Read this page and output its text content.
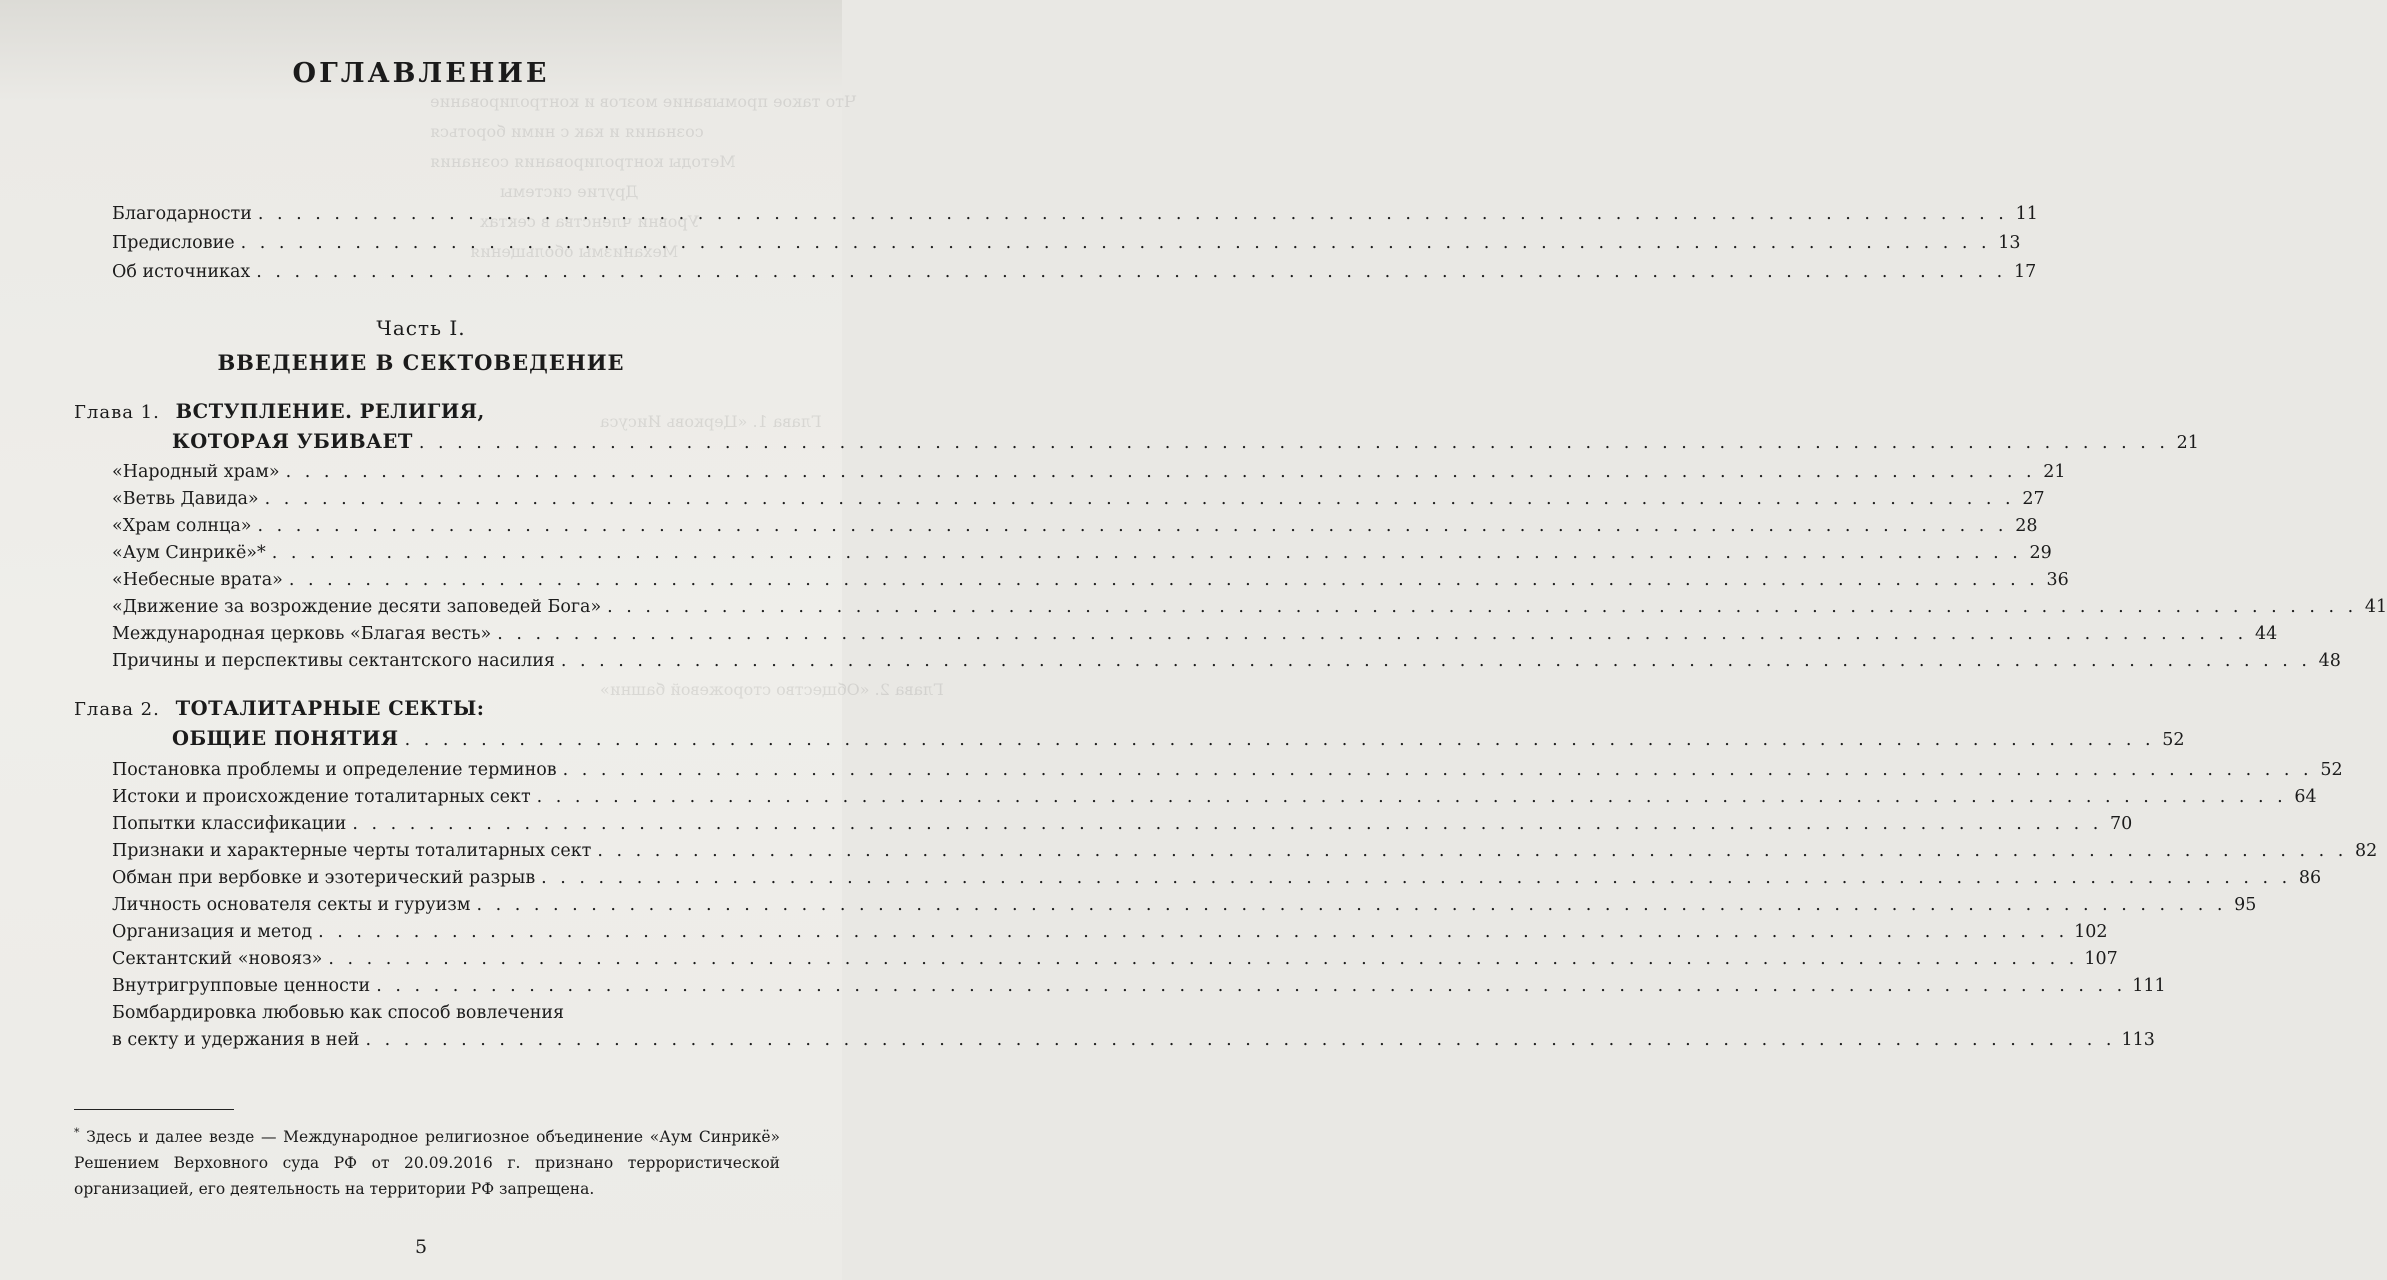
Что такое промывание мозгов и контролирование
сознания и как с ними бороться
Методы контролирования сознания
Другие системы
Уровни членства в сектах
Механизмы обольщения
Глава 1. «Церковь Иисуса
Глава 2. «Общество сторожевой башни»
ОГЛАВЛЕНИЕ
Благодарности . . .	11
Предисловие . . .	13
Об источниках . . .	17
Часть I.
ВВЕДЕНИЕ В СЕКТОВЕДЕНИЕ
Глава 1. ВСТУПЛЕНИЕ. РЕЛИГИЯ,
КОТОРАЯ УБИВАЕТ . . .	21
«Народный храм» . . .	21
«Ветвь Давида» . . .	27
«Храм солнца» . . .	28
«Аум Синрикё»* . . .	29
«Небесные врата» . . .	36
«Движение за возрождение десяти заповедей Бога» . . .	41
Международная церковь «Благая весть» . . .	44
Причины и перспективы сектантского насилия . . .	48
Глава 2. ТОТАЛИТАРНЫЕ СЕКТЫ:
ОБЩИЕ ПОНЯТИЯ . . .	52
Постановка проблемы и определение терминов . . .	52
Истоки и происхождение тоталитарных сект . . .	64
Попытки классификации . . .	70
Признаки и характерные черты тоталитарных сект . . .	82
Обман при вербовке и эзотерический разрыв . . .	86
Личность основателя секты и гуруизм . . .	95
Организация и метод . . .	102
Сектантский «новояз» . . .	107
Внутригрупповые ценности . . .	111
Бомбардировка любовью как способ вовлечения
в секту и удержания в ней . . .	113
* Здесь и далее везде — Международное религиозное объединение «Аум Синрикё» Решением Верховного суда РФ от 20.09.2016 г. признано террористической организацией, его деятельность на территории РФ запрещена.
5
